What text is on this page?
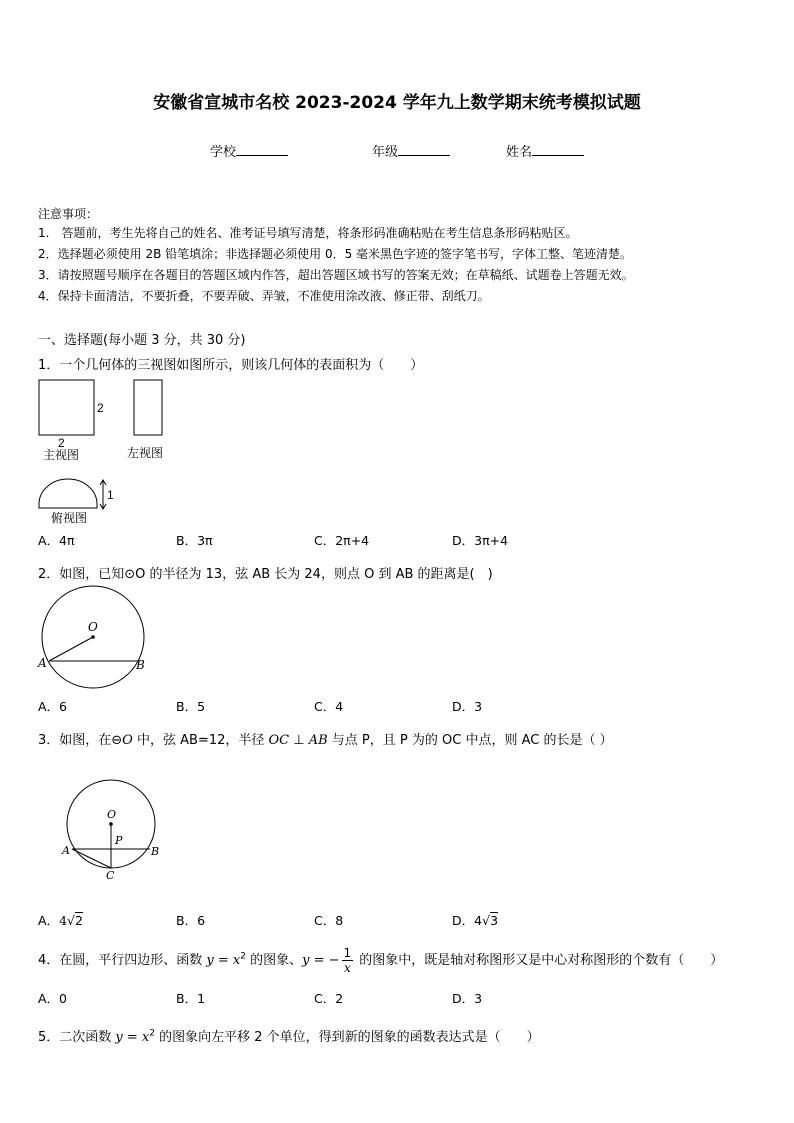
安徽省宣城市名校 2023-2024 学年九上数学期末统考模拟试题
学校	年级	姓名
注意事项：
1.　答题前，考生先将自己的姓名、准考证号填写清楚，将条形码准确粘贴在考生信息条形码粘贴区。
2．选择题必须使用 2B 铅笔填涂；非选择题必须使用 0．5 毫米黑色字迹的签字笔书写，字体工整、笔迹清楚。
3．请按照题号顺序在各题目的答题区域内作答，超出答题区域书写的答案无效；在草稿纸、试题卷上答题无效。
4．保持卡面清洁，不要折叠，不要弄破、弄皱，不准使用涂改液、修正带、刮纸刀。
一、选择题(每小题 3 分，共 30 分)
1．一个几何体的三视图如图所示，则该几何体的表面积为（　　）
2
2
主视图	左视图
1
俯视图
A．4π	B．3π	C．2π+4	D．3π+4
2．如图，已知⊙O 的半径为 13，弦 AB 长为 24，则点 O 到 AB 的距离是(　)
O
A	B
A．6	B．5	C．4	D．3
3．如图，在⊖O 中，弦 AB=12，半径 OC ⊥ AB 与点 P，且 P 为的 OC 中点，则 AC 的长是（ ）
O
P
A	B
C
A．4√2	B．6	C．8	D．4√3
4．在圆，平行四边形、函数 $y = x^2$ 的图象、y = − $\frac{1}{x}$ 的图象中，既是轴对称图形又是中心对称图形的个数有（　　）
A．0	B．1	C．2	D．3
5．二次函数 $y = x^2$ 的图象向左平移 2 个单位，得到新的图象的函数表达式是（　　）
